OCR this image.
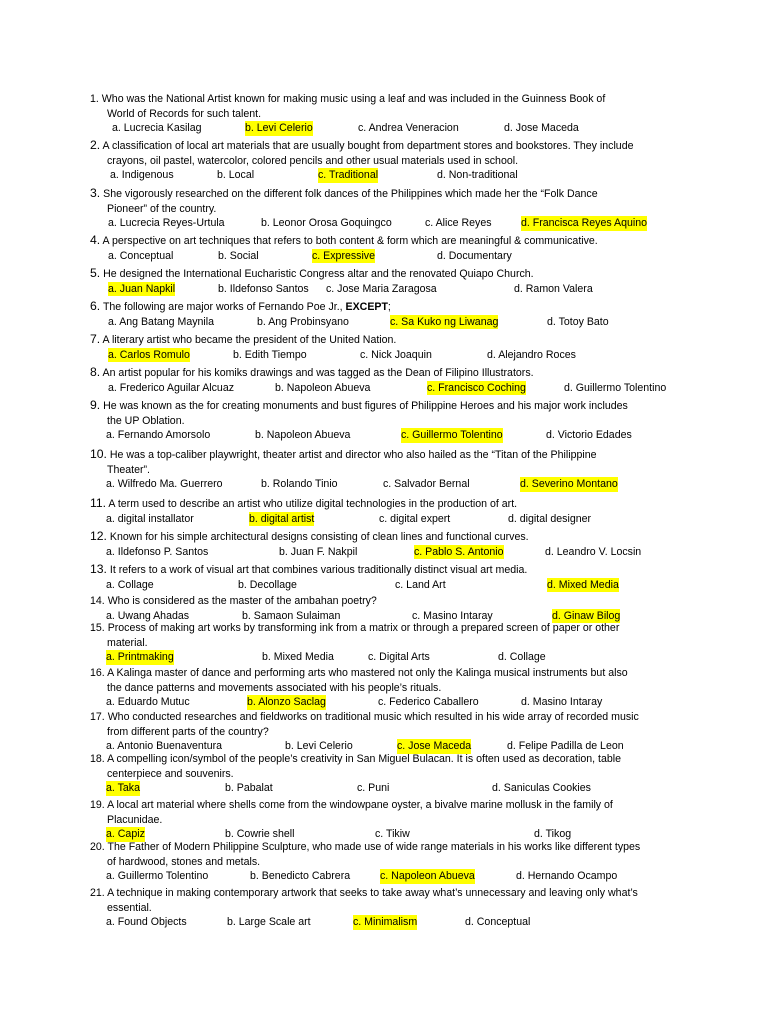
1. Who was the National Artist known for making music using a leaf and was included in the Guinness Book of
World of Records for such talent.
a. Lucrecia Kasilag	b. Levi Celerio	c. Andrea Veneracion	d. Jose Maceda
2. A classification of local art materials that are usually bought from department stores and bookstores. They include
crayons, oil pastel, watercolor, colored pencils and other usual materials used in school.
a. Indigenous	b. Local	c. Traditional	d. Non-traditional
3. She vigorously researched on the different folk dances of the Philippines which made her the “Folk Dance
Pioneer” of the country.
a. Lucrecia Reyes-Urtula	b. Leonor Orosa Goquingco	c. Alice Reyes	d. Francisca Reyes Aquino
4. A perspective on art techniques that refers to both content & form which are meaningful & communicative.
a. Conceptual	b. Social	c. Expressive	d. Documentary
5. He designed the International Eucharistic Congress altar and the renovated Quiapo Church.
a. Juan Napkil	b. Ildefonso Santos c. Jose Maria Zaragosa	d. Ramon Valera
6. The following are major works of Fernando Poe Jr., EXCEPT;
a. Ang Batang Maynila	b. Ang Probinsyano	c. Sa Kuko ng Liwanag	d. Totoy Bato
7. A literary artist who became the president of the United Nation.
a. Carlos Romulo	b. Edith Tiempo	c. Nick Joaquin	d. Alejandro Roces
8. An artist popular for his komiks drawings and was tagged as the Dean of Filipino Illustrators.
a. Frederico Aguilar Alcuaz	b. Napoleon Abueva	c. Francisco Coching	d. Guillermo Tolentino
9. He was known as the for creating monuments and bust figures of Philippine Heroes and his major work includes
the UP Oblation.
a. Fernando Amorsolo	b. Napoleon Abueva	c. Guillermo Tolentino	d. Victorio Edades
10. He was a top-caliber playwright, theater artist and director who also hailed as the “Titan of the Philippine
Theater”.
a. Wilfredo Ma. Guerrero	b. Rolando Tinio	c. Salvador Bernal	d. Severino Montano
11. A term used to describe an artist who utilize digital technologies in the production of art.
a. digital installator	b. digital artist	c. digital expert	d. digital designer
12. Known for his simple architectural designs consisting of clean lines and functional curves.
a. Ildefonso P. Santos	b. Juan F. Nakpil	c. Pablo S. Antonio	d. Leandro V. Locsin
13. It refers to a work of visual art that combines various traditionally distinct visual art media.
a. Collage	b. Decollage	c. Land Art	d. Mixed Media
14. Who is considered as the master of the ambahan poetry?
a. Uwang Ahadas	b. Samaon Sulaiman	c. Masino Intaray	d. Ginaw Bilog
15. Process of making art works by transforming ink from a matrix or through a prepared screen of paper or other
material.
a. Printmaking	b. Mixed Media	c. Digital Arts	d. Collage
16. A Kalinga master of dance and performing arts who mastered not only the Kalinga musical instruments but also
the dance patterns and movements associated with his people’s rituals.
a. Eduardo Mutuc	b. Alonzo Saclag	c. Federico Caballero	d. Masino Intaray
17. Who conducted researches and fieldworks on traditional music which resulted in his wide array of recorded music
from different parts of the country?
a. Antonio Buenaventura	b. Levi Celerio	c. Jose Maceda	d. Felipe Padilla de Leon
18. A compelling icon/symbol of the people’s creativity in San Miguel Bulacan. It is often used as decoration, table
centerpiece and souvenirs.
a. Taka	b. Pabalat	c. Puni	d. Saniculas Cookies
19. A local art material where shells come from the windowpane oyster, a bivalve marine mollusk in the family of
Placunidae.
a. Capiz	b. Cowrie shell	c. Tikiw	d. Tikog
20. The Father of Modern Philippine Sculpture, who made use of wide range materials in his works like different types
of hardwood, stones and metals.
a. Guillermo Tolentino	b. Benedicto Cabrera	c. Napoleon Abueva	d. Hernando Ocampo
21. A technique in making contemporary artwork that seeks to take away what’s unnecessary and leaving only what’s
essential.
a. Found Objects	b. Large Scale art	c. Minimalism	d. Conceptual
